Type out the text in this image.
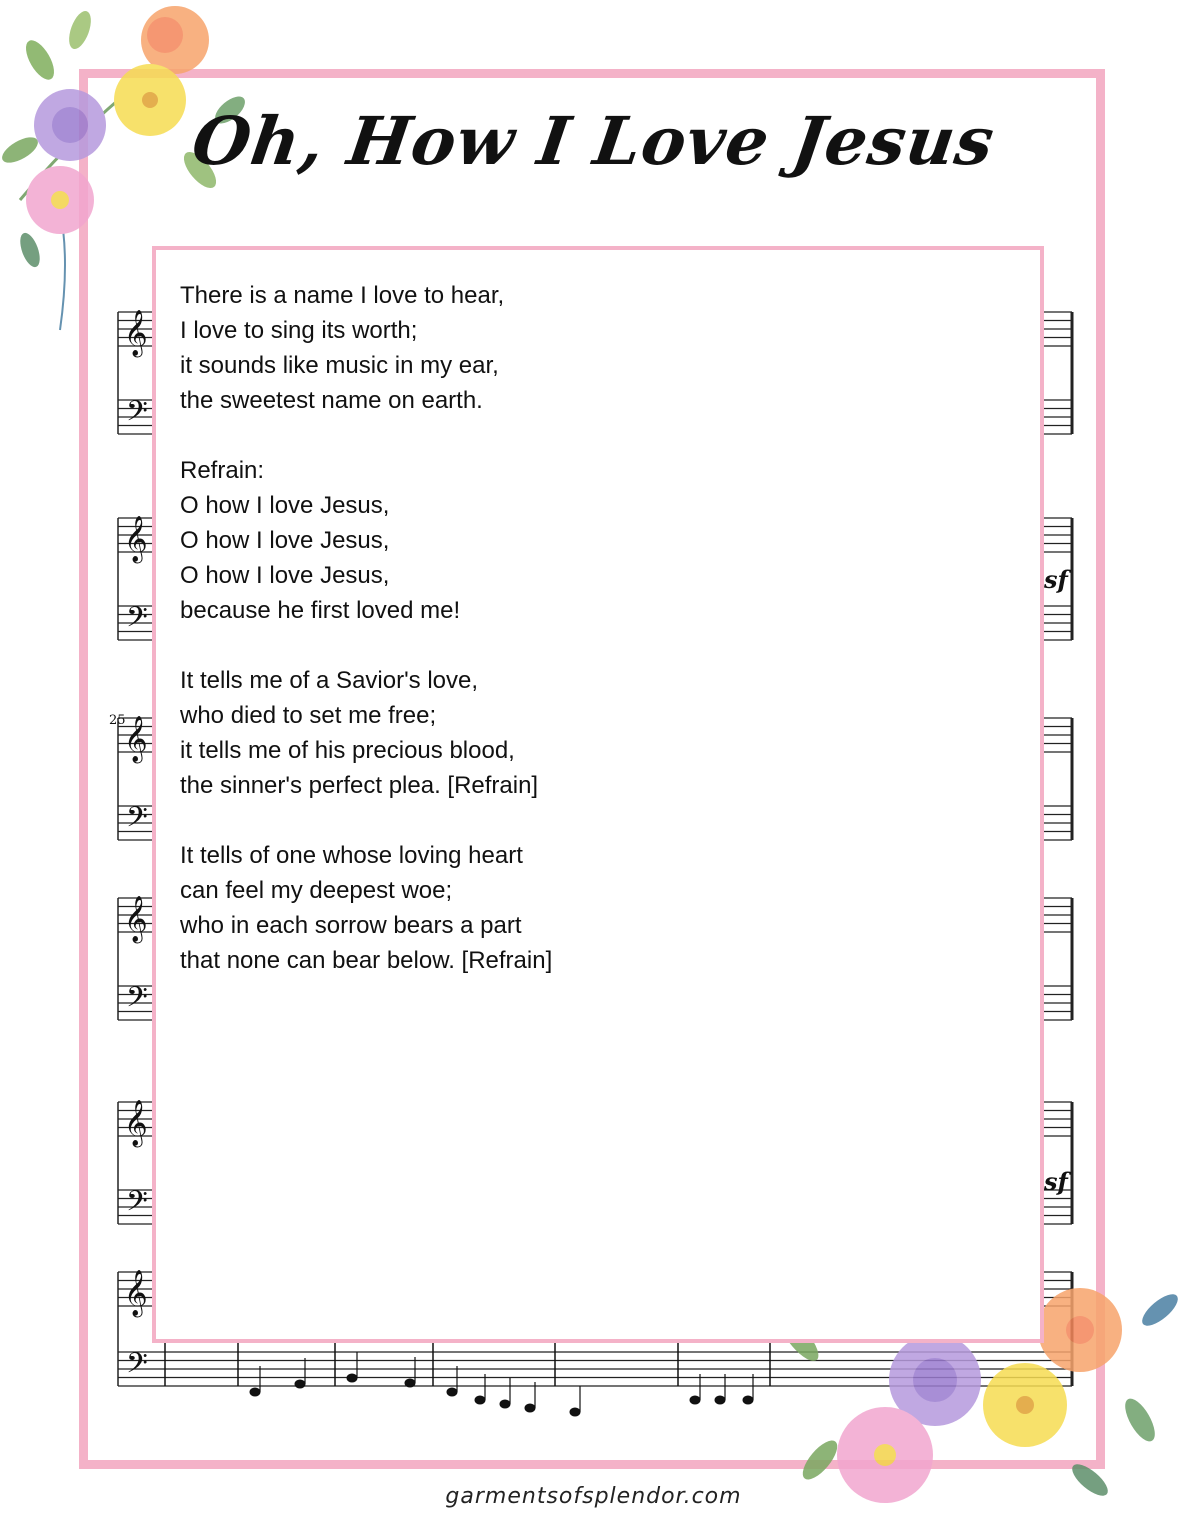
𝄞
𝄢
𝄞
𝄢
𝄞
𝄢
𝄞
𝄢
𝄞
𝄢
𝄞
𝄢
25
sf
sf
Oh, How I Love Jesus
There is a name I love to hear,
I love to sing its worth;
it sounds like music in my ear,
the sweetest name on earth.
Refrain:
O how I love Jesus,
O how I love Jesus,
O how I love Jesus,
because he first loved me!
It tells me of a Savior's love,
who died to set me free;
it tells me of his precious blood,
the sinner's perfect plea. [Refrain]
It tells of one whose loving heart
can feel my deepest woe;
who in each sorrow bears a part
that none can bear below. [Refrain]
garmentsofsplendor.com
